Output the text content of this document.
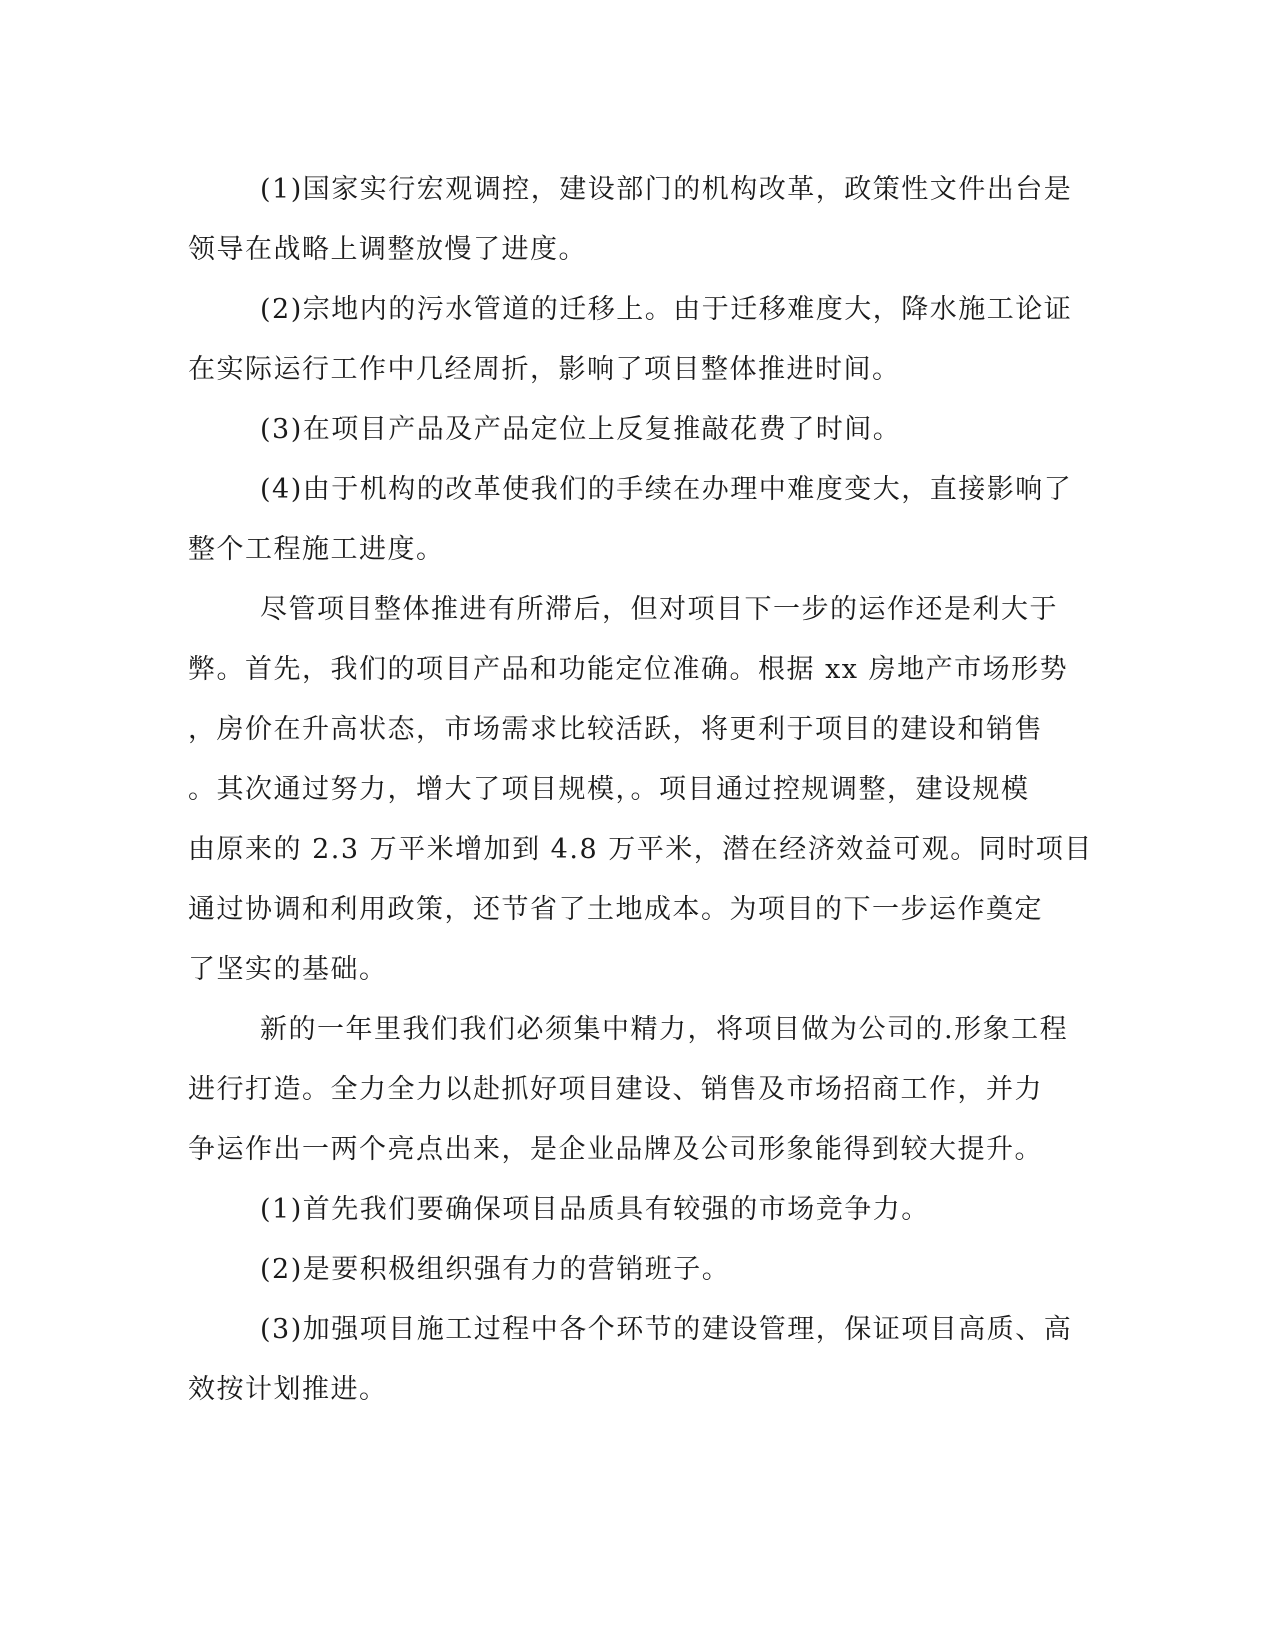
(1)国家实行宏观调控，建设部门的机构改革，政策性文件出台是
领导在战略上调整放慢了进度。
(2)宗地内的污水管道的迁移上。由于迁移难度大，降水施工论证
在实际运行工作中几经周折，影响了项目整体推进时间。
(3)在项目产品及产品定位上反复推敲花费了时间。
(4)由于机构的改革使我们的手续在办理中难度变大，直接影响了
整个工程施工进度。
尽管项目整体推进有所滞后，但对项目下一步的运作还是利大于
弊。首先，我们的项目产品和功能定位准确。根据 xx 房地产市场形势
，房价在升高状态，市场需求比较活跃，将更利于项目的建设和销售
。其次通过努力，增大了项目规模，。项目通过控规调整，建设规模
由原来的 2.3 万平米增加到 4.8 万平米，潜在经济效益可观。同时项目
通过协调和利用政策，还节省了土地成本。为项目的下一步运作奠定
了坚实的基础。
新的一年里我们我们必须集中精力，将项目做为公司的.形象工程
进行打造。全力全力以赴抓好项目建设、销售及市场招商工作，并力
争运作出一两个亮点出来，是企业品牌及公司形象能得到较大提升。
(1)首先我们要确保项目品质具有较强的市场竞争力。
(2)是要积极组织强有力的营销班子。
(3)加强项目施工过程中各个环节的建设管理，保证项目高质、高
效按计划推进。
